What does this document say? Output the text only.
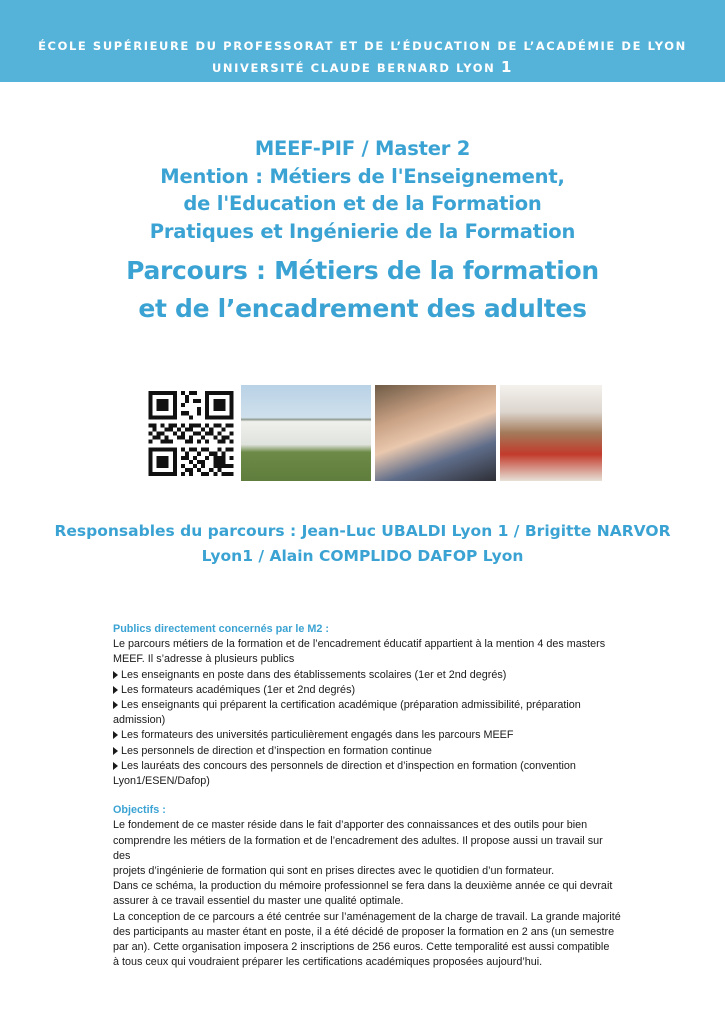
ÉCOLE SUPÉRIEURE DU PROFESSORAT ET DE L’ÉDUCATION DE L’ACADÉMIE DE LYON
UNIVERSITÉ CLAUDE BERNARD LYON 1
MEEF-PIF / Master 2
Mention : Métiers de l'Enseignement,
de l'Education et de la Formation
Pratiques et Ingénierie de la Formation
Parcours : Métiers de la formation
et de l’encadrement des adultes
Responsables du parcours : Jean-Luc UBALDI Lyon 1 / Brigitte NARVOR
Lyon1 / Alain COMPLIDO DAFOP Lyon
Publics directement concernés par le M2 :
Le parcours métiers de la formation et de l’encadrement éducatif appartient à la mention 4 des masters
MEEF. Il s’adresse à plusieurs publics
Les enseignants en poste dans des établissements scolaires (1er et 2nd degrés)
Les formateurs académiques (1er et 2nd degrés)
Les enseignants qui préparent la certification académique (préparation admissibilité, préparation
admission)
Les formateurs des universités particulièrement engagés dans les parcours MEEF
Les personnels de direction et d’inspection en formation continue
Les lauréats des concours des personnels de direction et d’inspection en formation (convention
Lyon1/ESEN/Dafop)
Objectifs :
Le fondement de ce master réside dans le fait d’apporter des connaissances et des outils pour bien
comprendre les métiers de la formation et de l’encadrement des adultes. Il propose aussi un travail sur des
projets d’ingénierie de formation qui sont en prises directes avec le quotidien d’un formateur.
Dans ce schéma, la production du mémoire professionnel se fera dans la deuxième année ce qui devrait
assurer à ce travail essentiel du master une qualité optimale.
La conception de ce parcours a été centrée sur l’aménagement de la charge de travail. La grande majorité
des participants au master étant en poste, il a été décidé de proposer la formation en 2 ans (un semestre
par an). Cette organisation imposera 2 inscriptions de 256 euros. Cette temporalité est aussi compatible
à tous ceux qui voudraient préparer les certifications académiques proposées aujourd’hui.
